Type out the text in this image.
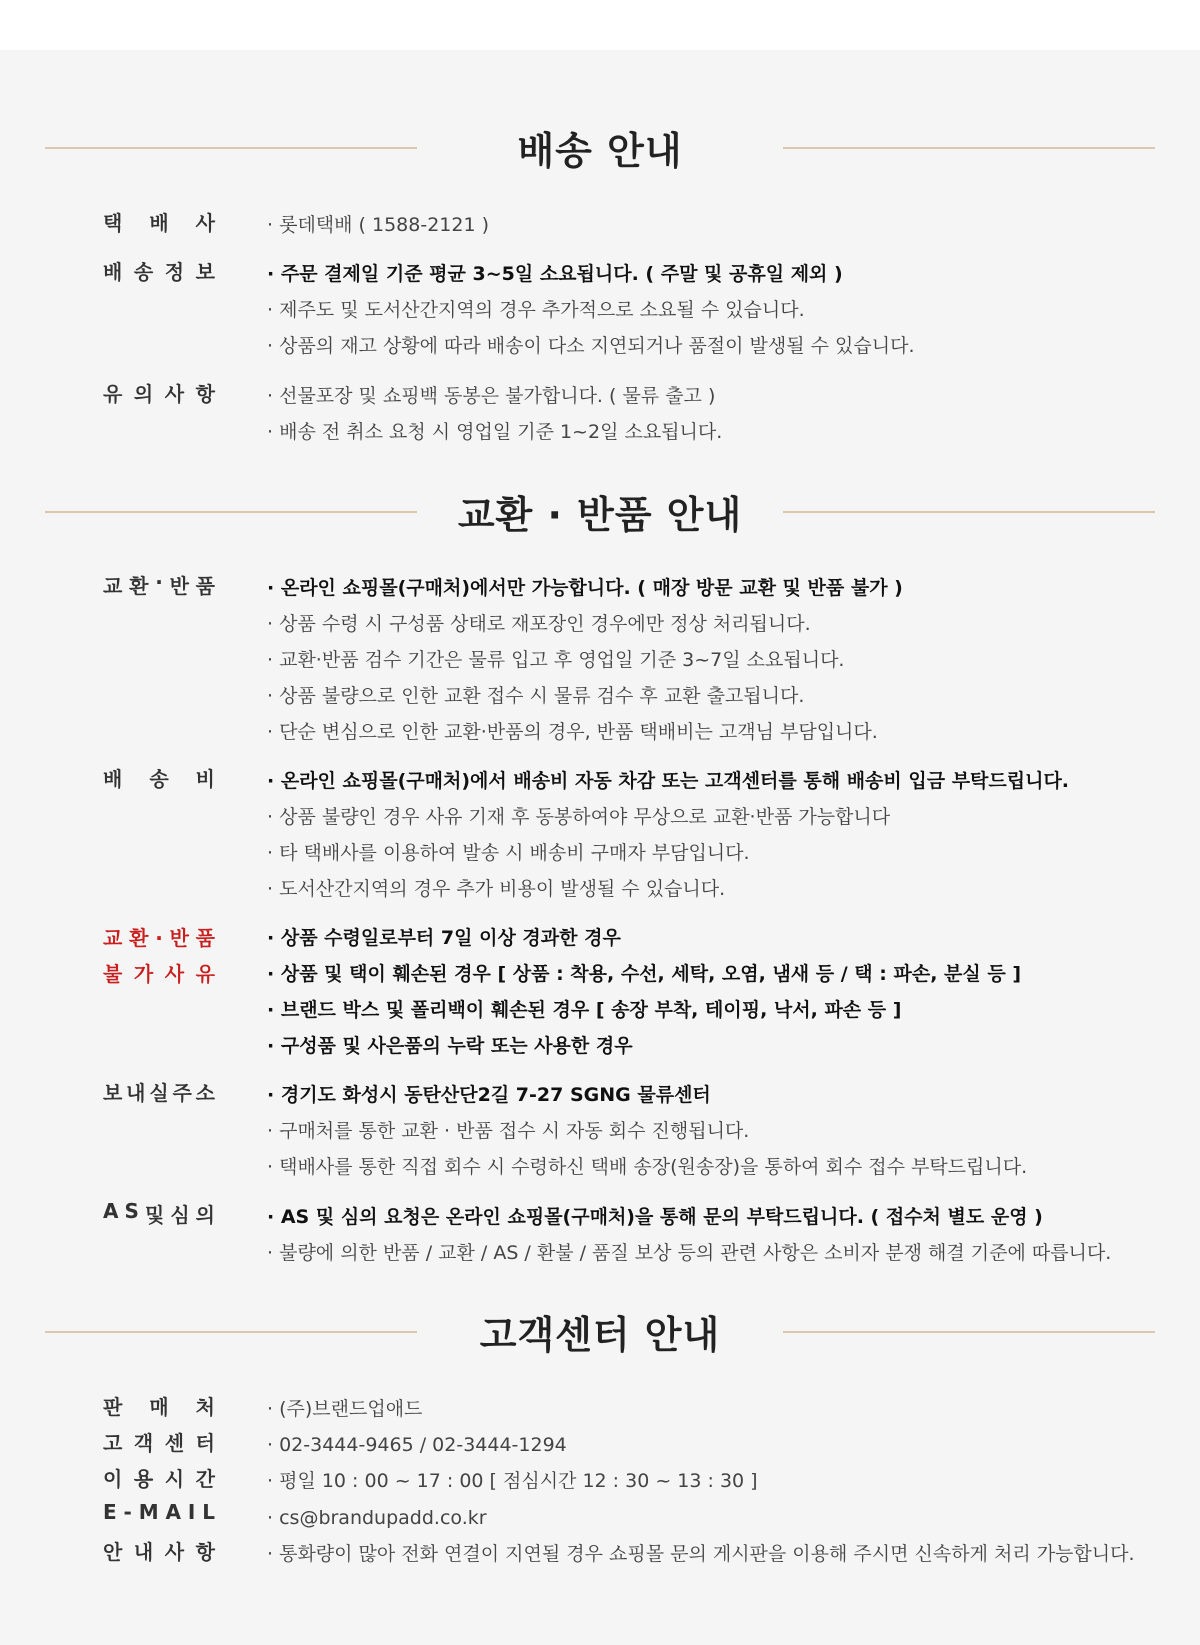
배송 안내
택 배 사	· 롯데택배 ( 1588-2121 )
배 송 정 보	· 주문 결제일 기준 평균 3~5일 소요됩니다. ( 주말 및 공휴일 제외 )
· 제주도 및 도서산간지역의 경우 추가적으로 소요될 수 있습니다.
· 상품의 재고 상황에 따라 배송이 다소 지연되거나 품절이 발생될 수 있습니다.
유 의 사 항	· 선물포장 및 쇼핑백 동봉은 불가합니다. ( 물류 출고 )
· 배송 전 취소 요청 시 영업일 기준 1~2일 소요됩니다.
교환 · 반품 안내
교 환 · 반 품	· 온라인 쇼핑몰(구매처)에서만 가능합니다. ( 매장 방문 교환 및 반품 불가 )
· 상품 수령 시 구성품 상태로 재포장인 경우에만 정상 처리됩니다.
· 교환·반품 검수 기간은 물류 입고 후 영업일 기준 3~7일 소요됩니다.
· 상품 불량으로 인한 교환 접수 시 물류 검수 후 교환 출고됩니다.
· 단순 변심으로 인한 교환·반품의 경우, 반품 택배비는 고객님 부담입니다.
배 송 비	· 온라인 쇼핑몰(구매처)에서 배송비 자동 차감 또는 고객센터를 통해 배송비 입금 부탁드립니다.
· 상품 불량인 경우 사유 기재 후 동봉하여야 무상으로 교환·반품 가능합니다
· 타 택배사를 이용하여 발송 시 배송비 구매자 부담입니다.
· 도서산간지역의 경우 추가 비용이 발생될 수 있습니다.
교 환 · 반 품
불 가 사 유
· 상품 수령일로부터 7일 이상 경과한 경우
· 상품 및 택이 훼손된 경우 [ 상품 : 착용, 수선, 세탁, 오염, 냄새 등 / 택 : 파손, 분실 등 ]
· 브랜드 박스 및 폴리백이 훼손된 경우 [ 송장 부착, 테이핑, 낙서, 파손 등 ]
· 구성품 및 사은품의 누락 또는 사용한 경우
보 내 실 주 소	· 경기도 화성시 동탄산단2길 7-27 SGNG 물류센터
· 구매처를 통한 교환 · 반품 접수 시 자동 회수 진행됩니다.
· 택배사를 통한 직접 회수 시 수령하신 택배 송장(원송장)을 통하여 회수 접수 부탁드립니다.
A S 및 심 의	· AS 및 심의 요청은 온라인 쇼핑몰(구매처)을 통해 문의 부탁드립니다. ( 접수처 별도 운영 )
· 불량에 의한 반품 / 교환 / AS / 환불 / 품질 보상 등의 관련 사항은 소비자 분쟁 해결 기준에 따릅니다.
고객센터 안내
판 매 처	· (주)브랜드업애드
고 객 센 터	· 02-3444-9465 / 02-3444-1294
이 용 시 간	· 평일 10 : 00 ~ 17 : 00 [ 점심시간 12 : 30 ~ 13 : 30 ]
E - M A I L	· cs@brandupadd.co.kr
안 내 사 항	· 통화량이 많아 전화 연결이 지연될 경우 쇼핑몰 문의 게시판을 이용해 주시면 신속하게 처리 가능합니다.
